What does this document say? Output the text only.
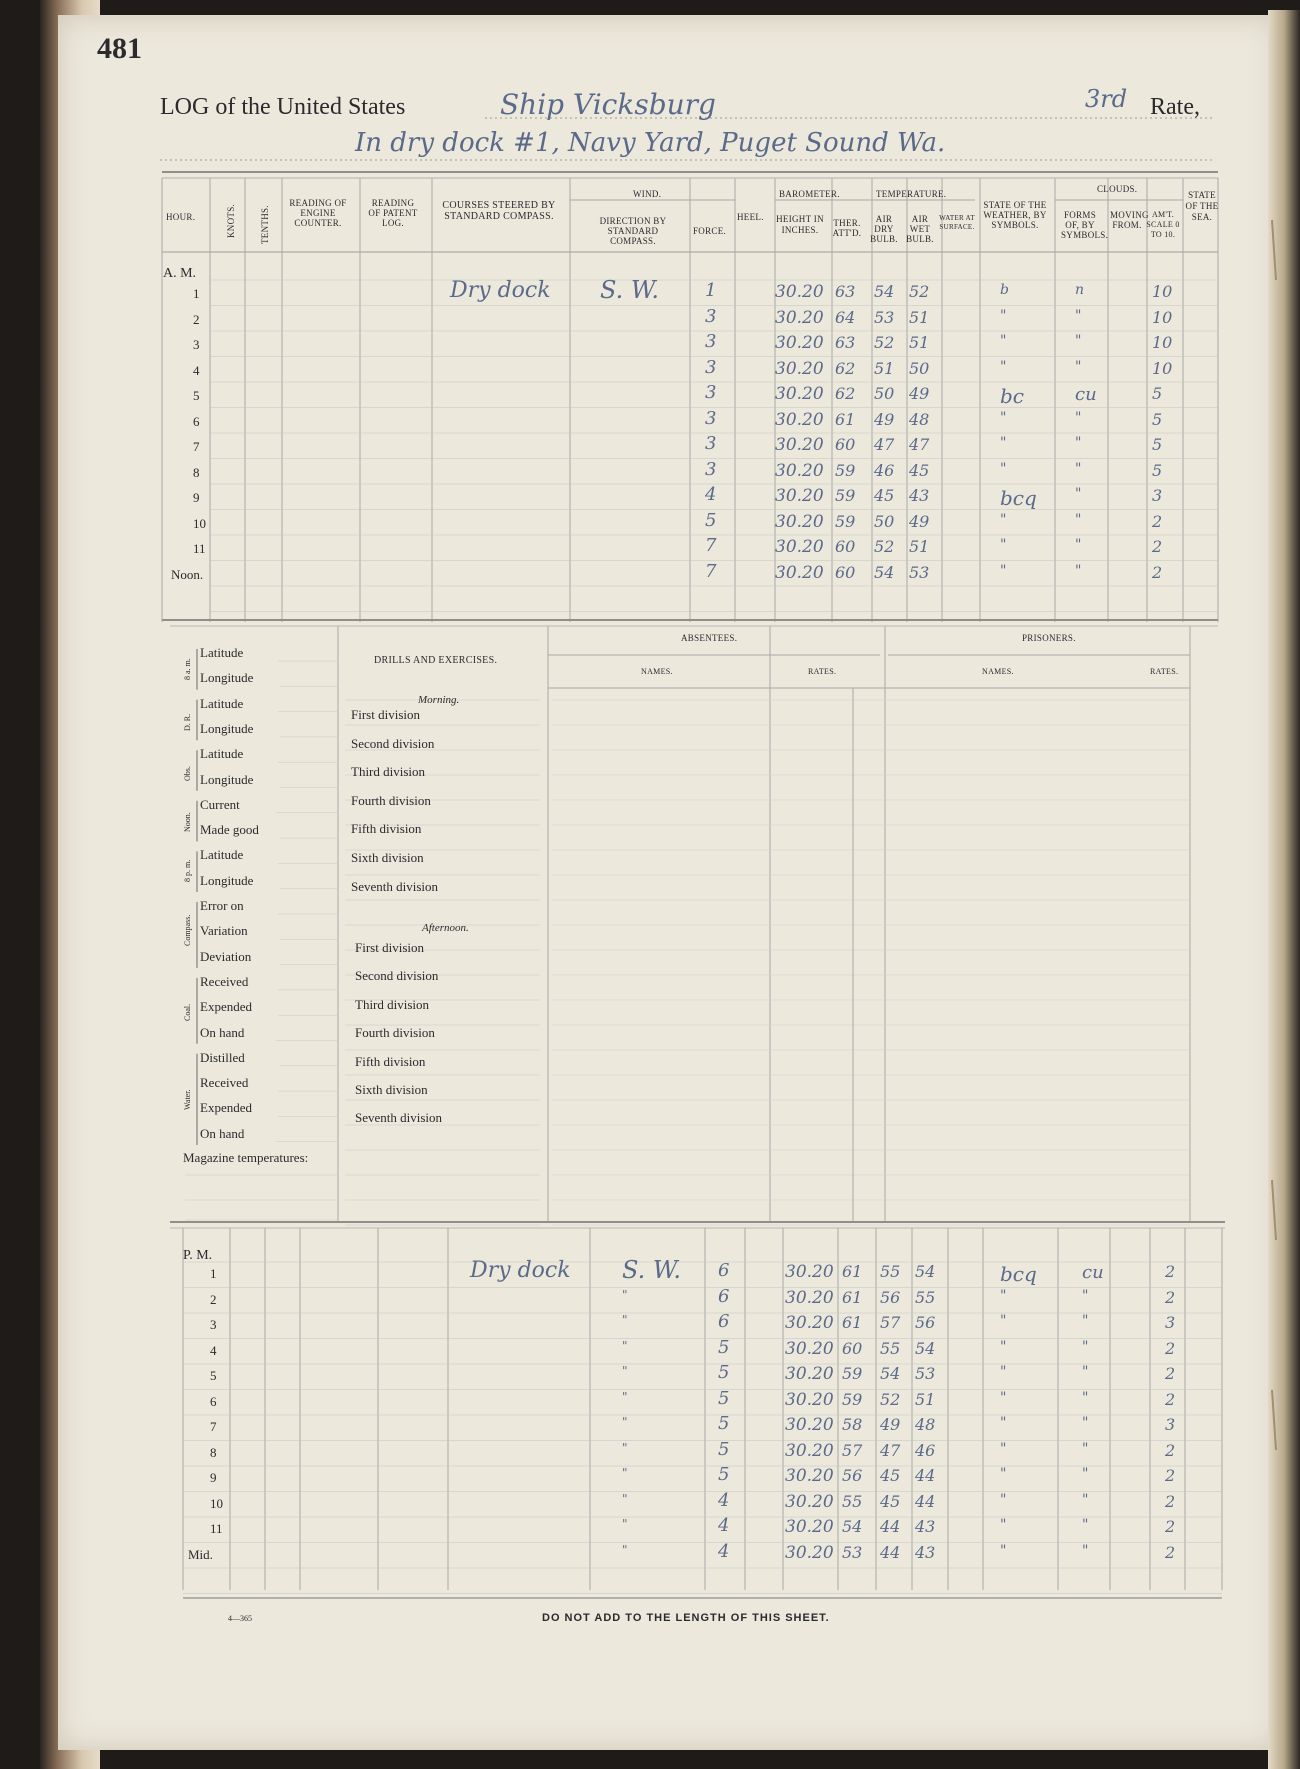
481
LOG of the United States	Ship Vicksburg	3rd Rate,
In dry dock #1, Navy Yard, Puget Sound Wa.
HOUR.	KNOTS.	TENTHS.
READING OF ENGINE COUNTER.
READING OF PATENT LOG.
COURSES STEERED BY STANDARD COMPASS.
WIND.
DIRECTION BY STANDARD COMPASS.
FORCE.
HEEL.
BAROMETER.
HEIGHT IN INCHES.
THER. ATT'D.
TEMPERATURE.
AIR DRY BULB.
AIR WET BULB.
WATER AT SURFACE.
STATE OF THE WEATHER, BY SYMBOLS.
CLOUDS.
FORMS OF, BY SYMBOLS.
MOVING FROM.
AM'T. SCALE 0 TO 10.
STATE OF THE SEA.
A. M.
P. M.
1	Dry dock S. W.	1	30.20 63 54 52	b	n	10
2	3	30.20 64 53 51	"	"	10
3	3	30.20 63 52 51	"	"	10
4	3	30.20 62 51 50	"	"	10
5	3	30.20 62 50 49	bc	cu	5
6	3	30.20 61 49 48	"	"	5
7	3	30.20 60 47 47	"	"	5
8	3	30.20 59 46 45	"	"	5
9	4	30.20 59 45 43	bcq	"	3
10	5	30.20 59 50 49	"	"	2
11	7	30.20 60 52 51	"	"	2
Noon.	7	30.20 60 54 53	"	"	2
1	Dry dock S. W. 6	30.20 61 55 54	bcq	cu	2
2	"	6	30.20 61 56 55	"	"	2
3	"	6	30.20 61 57 56	"	"	3
4	"	5	30.20 60 55 54	"	"	2
5	"	5	30.20 59 54 53	"	"	2
6	"	5	30.20 59 52 51	"	"	2
7	"	5	30.20 58 49 48	"	"	3
8	"	5	30.20 57 47 46	"	"	2
9	"	5	30.20 56 45 44	"	"	2
10	"	4	30.20 55 45 44	"	"	2
11	"	4	30.20 54 44 43	"	"	2
Mid.	"	4	30.20 53 44 43	"	"	2
Latitude
Longitude
8 a. m.
Latitude
Longitude
D. R.
Latitude
Longitude
Obs.
Current
Made good
Noon.
Latitude
Longitude
8 p. m.
Error on
Variation
Deviation
Compass.
Received
Expended
On hand
Coal.
Distilled
Received
Expended
On hand
Water.
Magazine temperatures:
DRILLS AND EXERCISES.
Morning.
Afternoon.
First division
Second division
Third division
Fourth division
Fifth division
Sixth division
Seventh division
First division
Second division
Third division
Fourth division
Fifth division
Sixth division
Seventh division
ABSENTEES.
NAMES.	RATES.
PRISONERS.
NAMES.	RATES.
4—365	DO NOT ADD TO THE LENGTH OF THIS SHEET.
